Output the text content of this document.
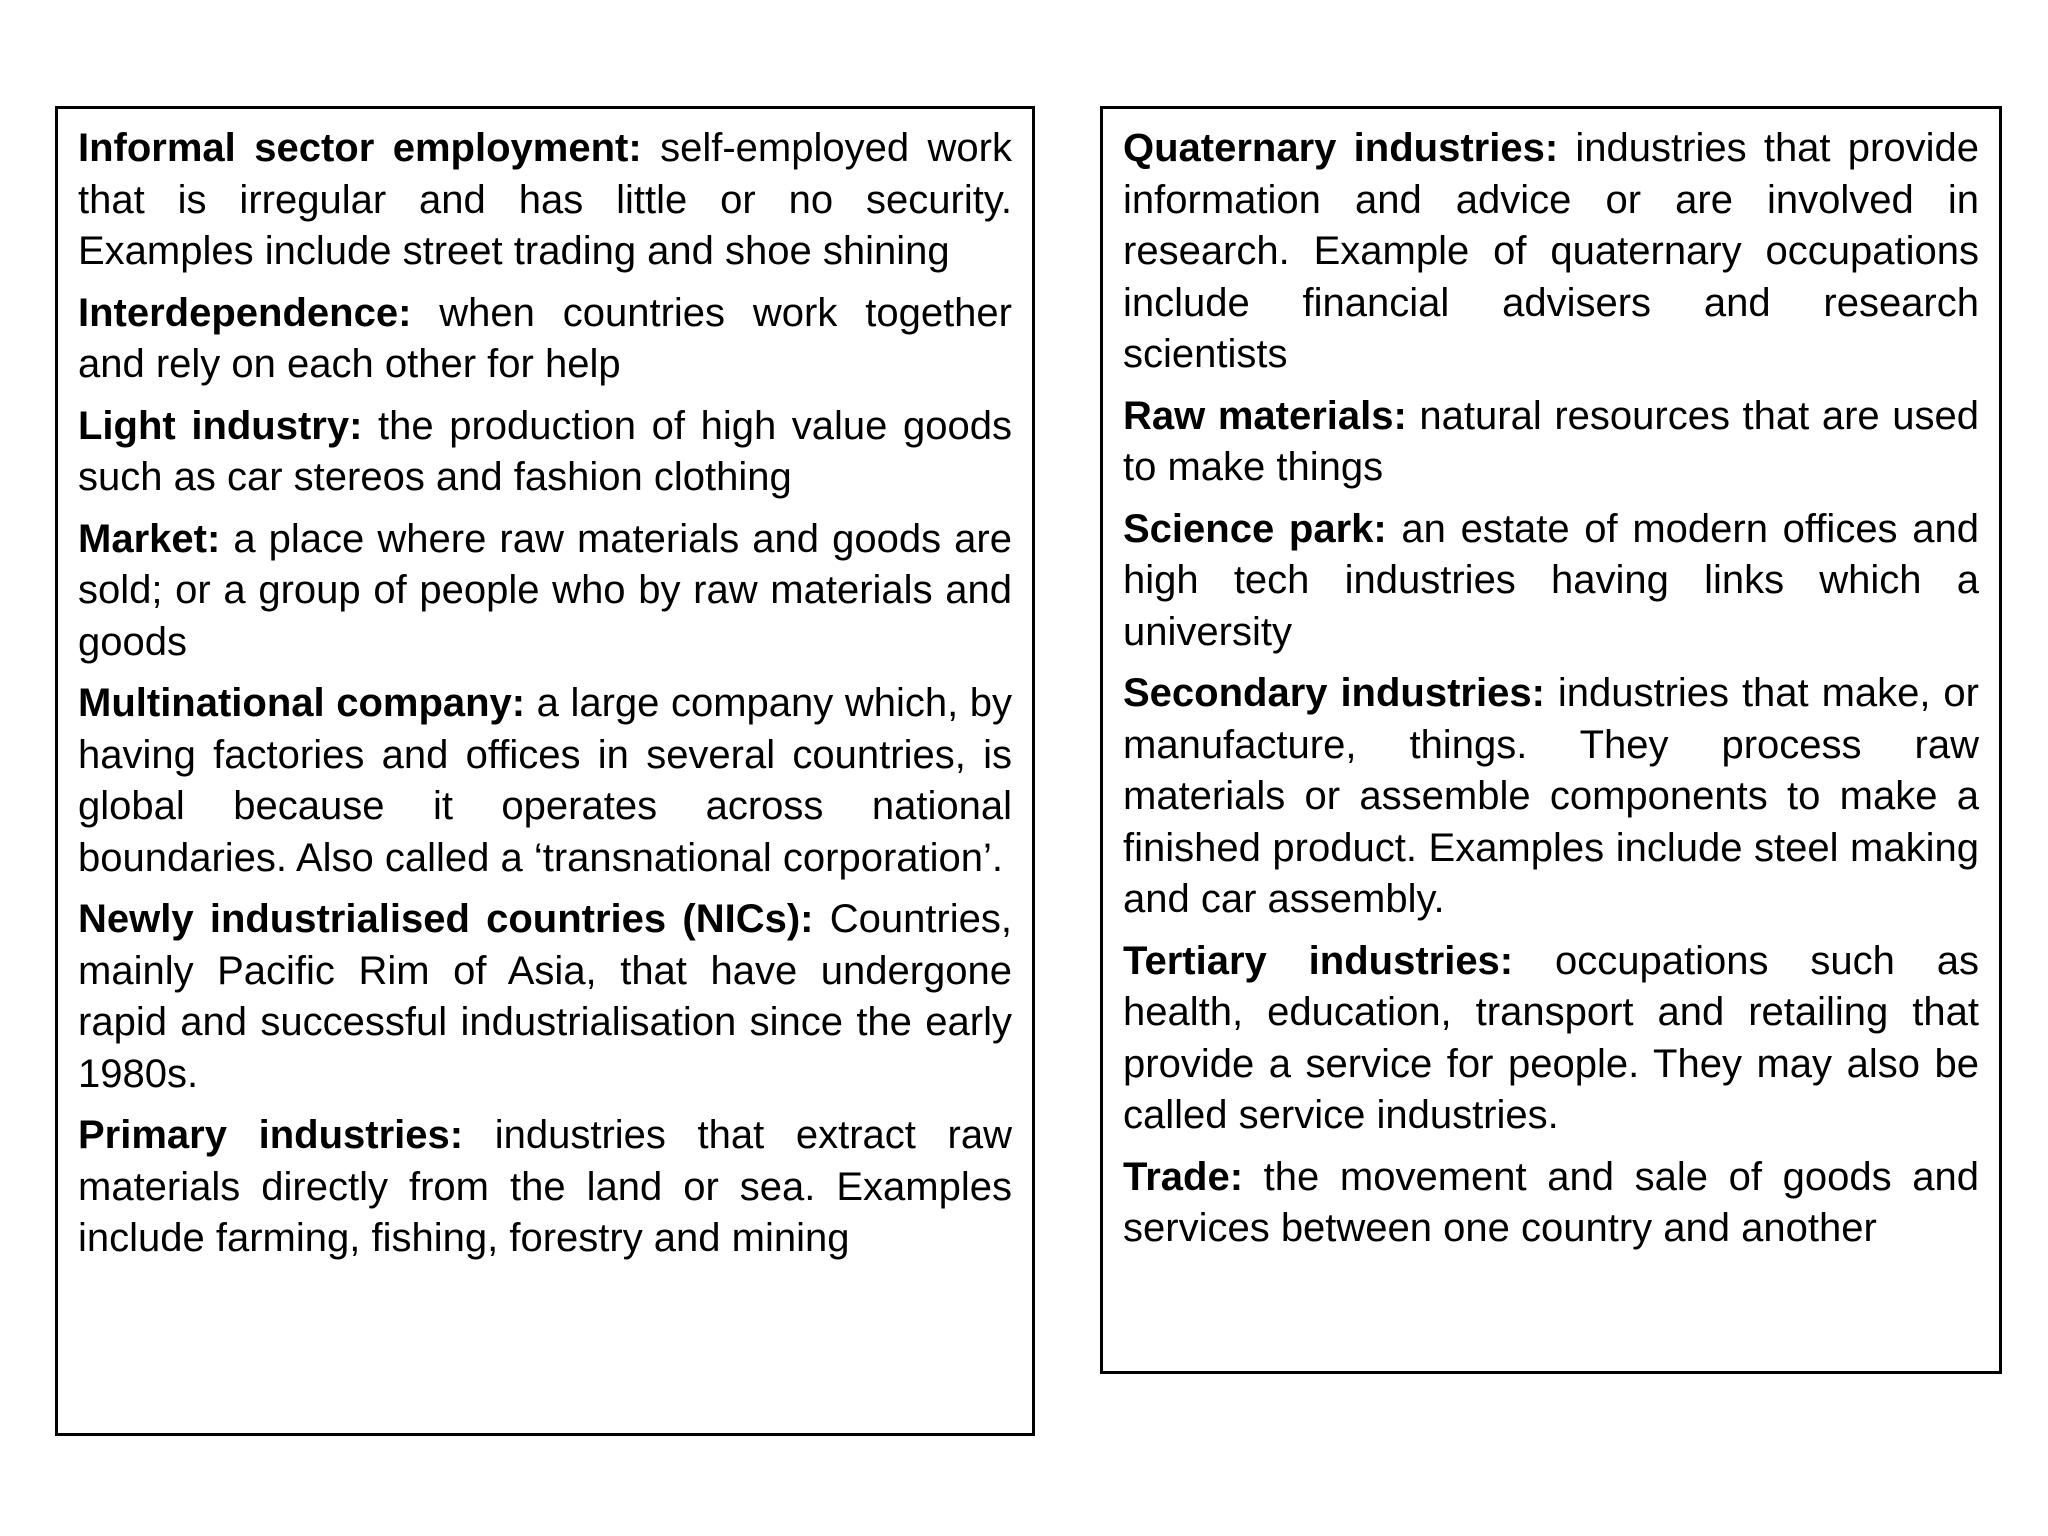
Informal sector employment: self-employed work that is irregular and has little or no security. Examples include street trading and shoe shining

Interdependence: when countries work together and rely on each other for help

Light industry: the production of high value goods such as car stereos and fashion clothing

Market: a place where raw materials and goods are sold; or a group of people who by raw materials and goods

Multinational company: a large company which, by having factories and offices in several countries, is global because it operates across national boundaries. Also called a ‘transnational corporation’.

Newly industrialised countries (NICs): Countries, mainly Pacific Rim of Asia, that have undergone rapid and successful industrialisation since the early 1980s.

Primary industries: industries that extract raw materials directly from the land or sea. Examples include farming, fishing, forestry and mining

Quaternary industries: industries that provide information and advice or are involved in research. Example of quaternary occupations include financial advisers and research scientists

Raw materials: natural resources that are used to make things

Science park: an estate of modern offices and high tech industries having links which a university

Secondary industries: industries that make, or manufacture, things. They process raw materials or assemble components to make a finished product. Examples include steel making and car assembly.

Tertiary industries: occupations such as health, education, transport and retailing that provide a service for people. They may also be called service industries.

Trade: the movement and sale of goods and services between one country and another
